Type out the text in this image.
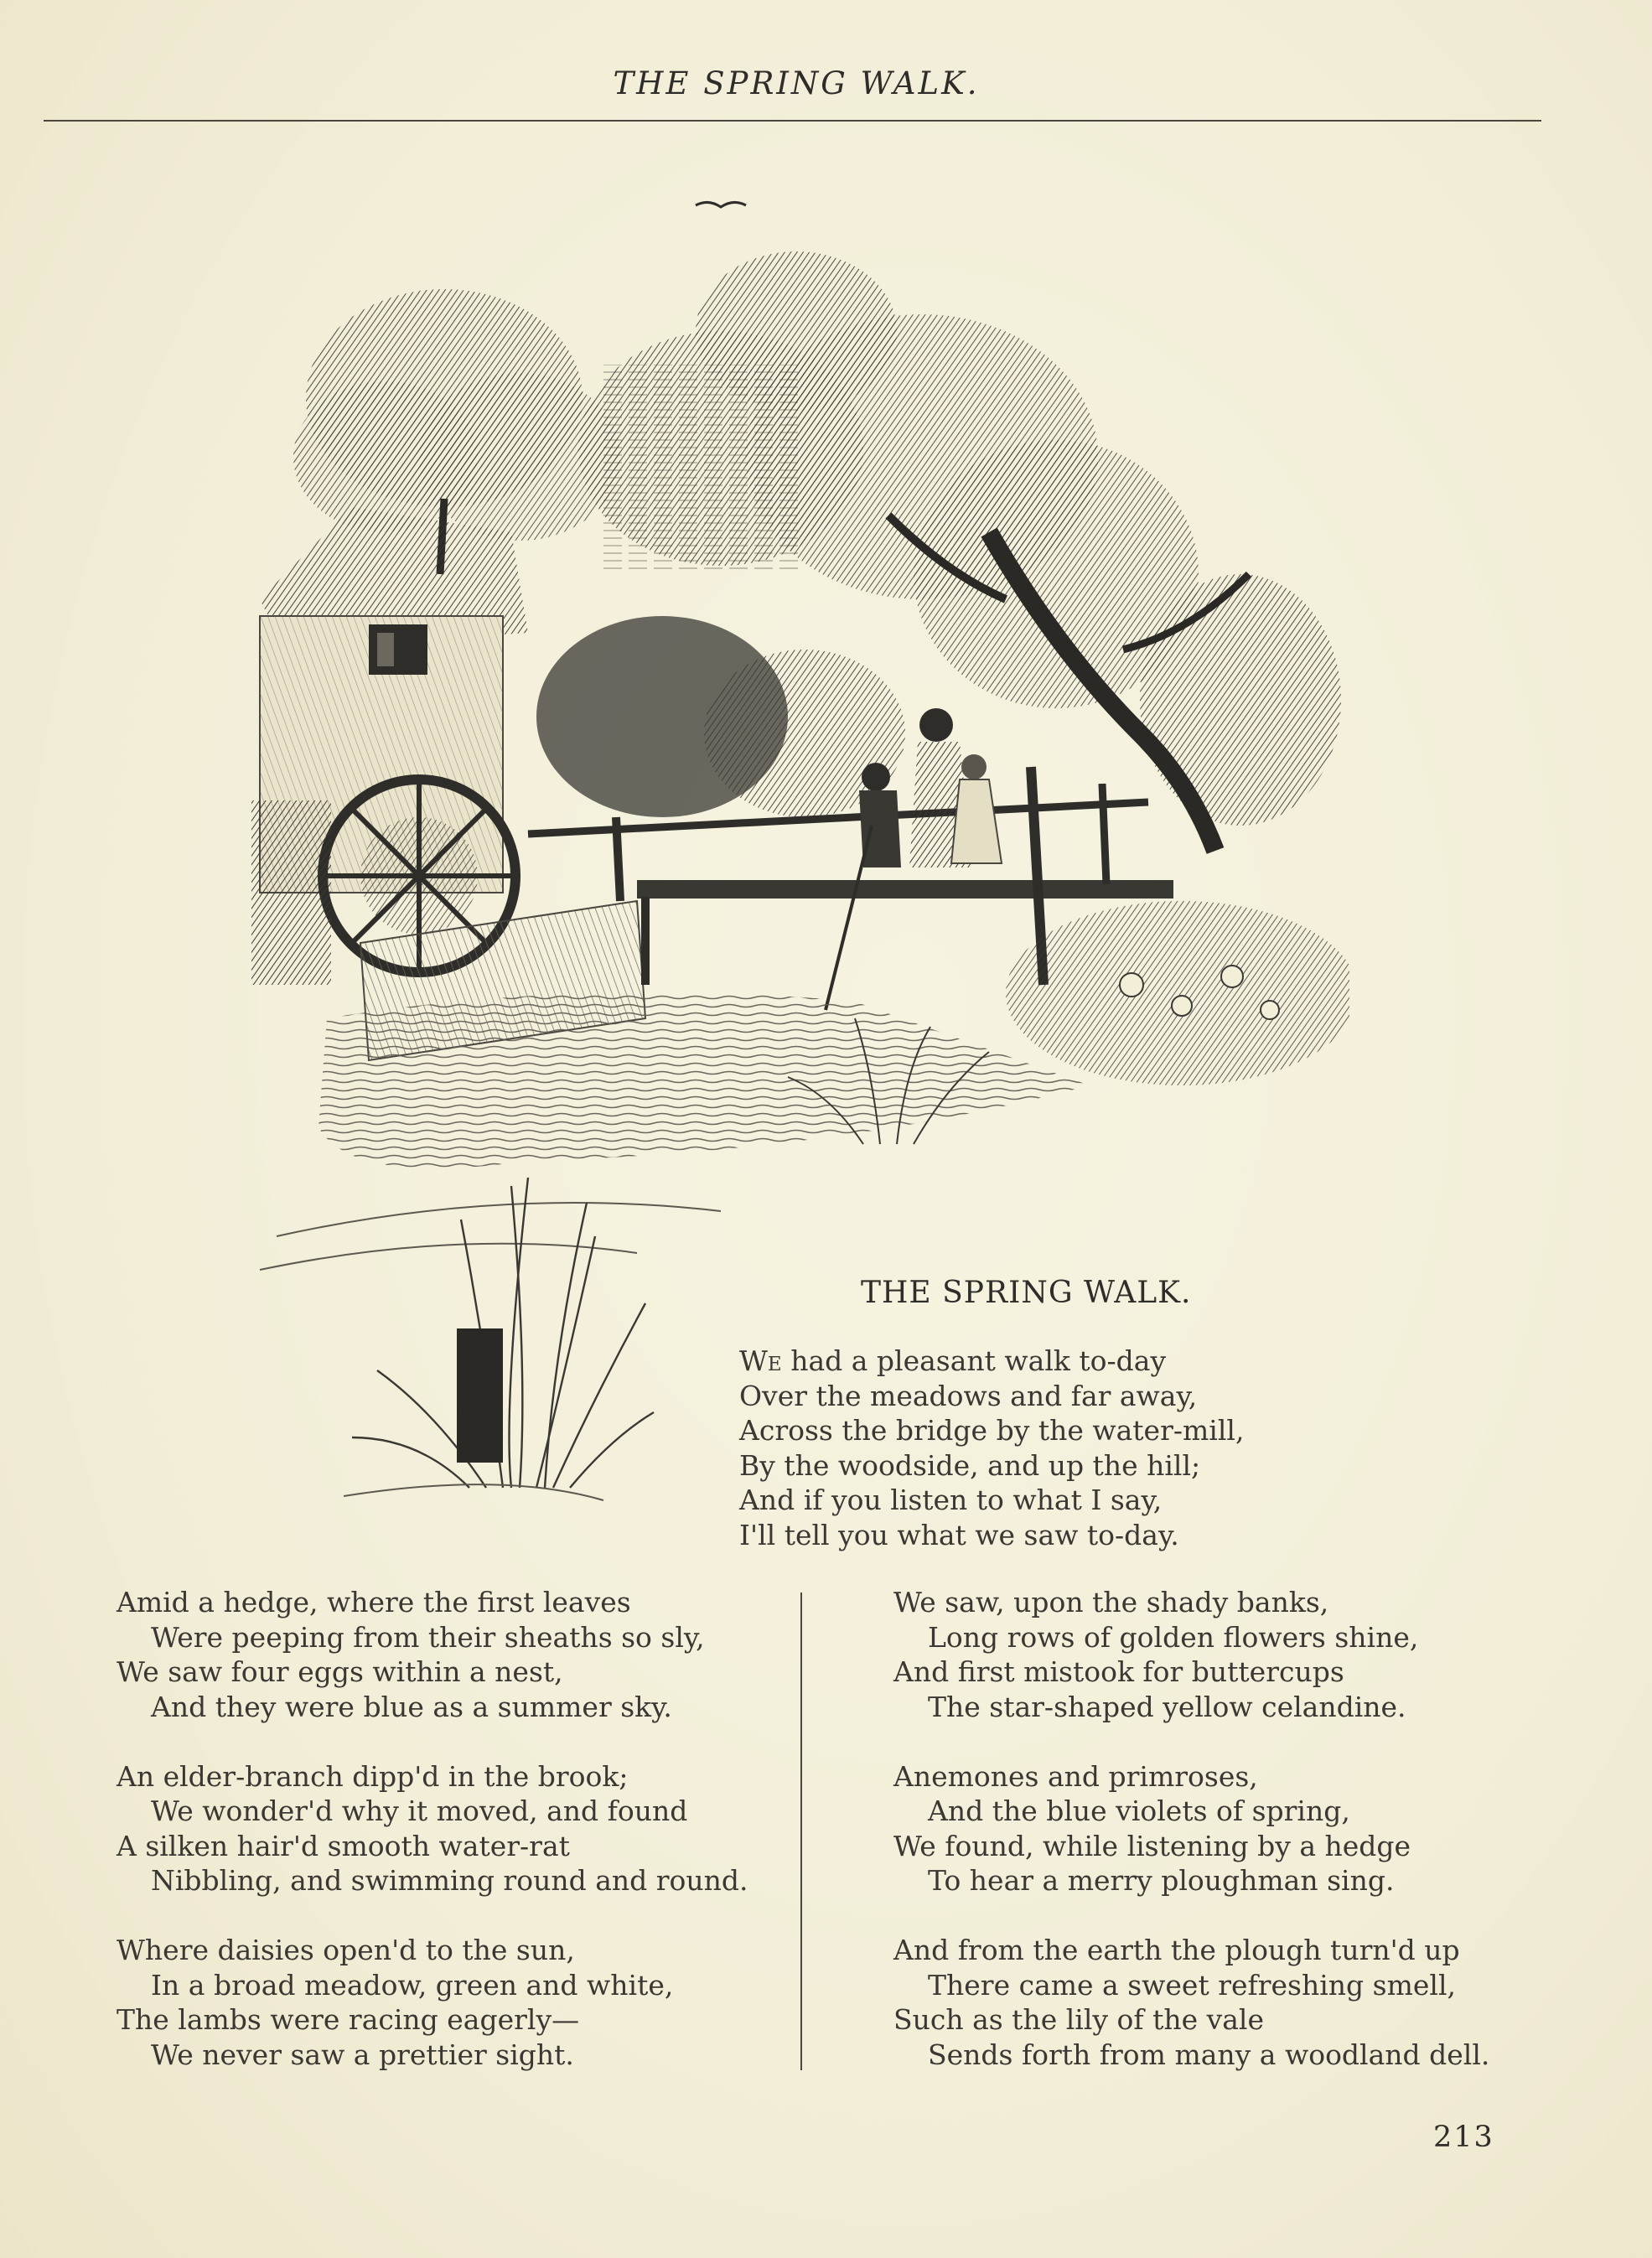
THE SPRING WALK.
THE SPRING WALK.
We had a pleasant walk to-day
Over the meadows and far away,
Across the bridge by the water-mill,
By the woodside, and up the hill;
And if you listen to what I say,
I'll tell you what we saw to-day.
Amid a hedge, where the first leaves
Were peeping from their sheaths so sly,
We saw four eggs within a nest,
And they were blue as a summer sky.
An elder-branch dipp'd in the brook;
We wonder'd why it moved, and found
A silken hair'd smooth water-rat
Nibbling, and swimming round and round.
Where daisies open'd to the sun,
In a broad meadow, green and white,
The lambs were racing eagerly—
We never saw a prettier sight.
We saw, upon the shady banks,
Long rows of golden flowers shine,
And first mistook for buttercups
The star-shaped yellow celandine.
Anemones and primroses,
And the blue violets of spring,
We found, while listening by a hedge
To hear a merry ploughman sing.
And from the earth the plough turn'd up
There came a sweet refreshing smell,
Such as the lily of the vale
Sends forth from many a woodland dell.
213
